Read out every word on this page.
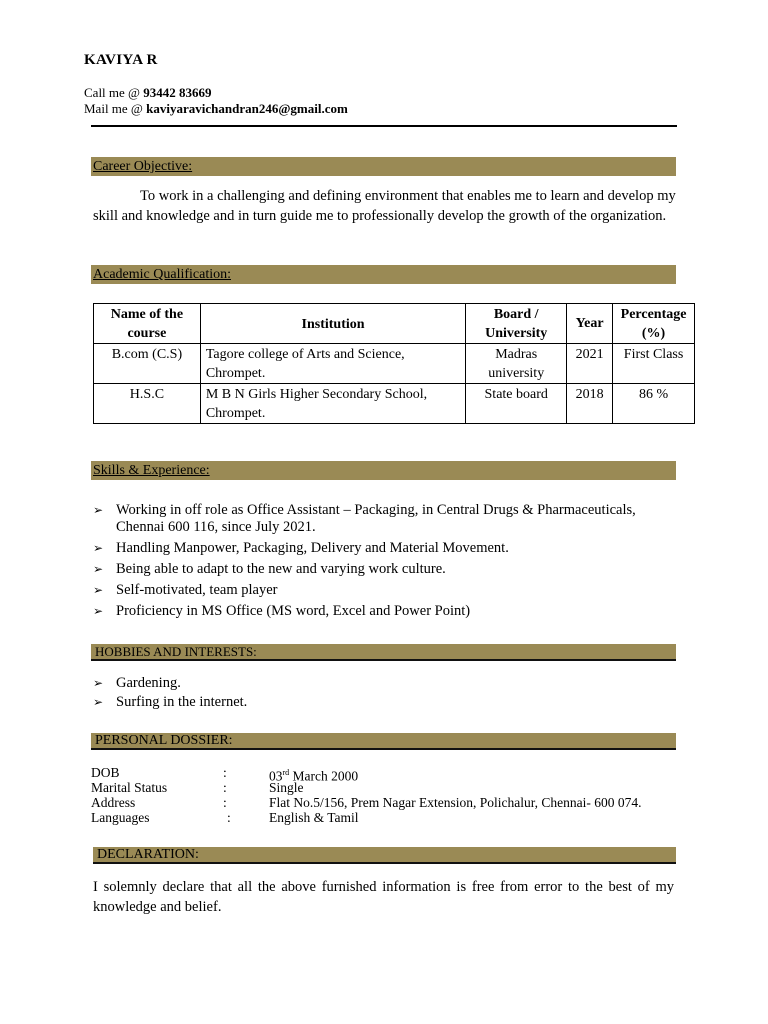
KAVIYA R
Call me @ 93442 83669
Mail me @ kaviyaravichandran246@gmail.com
Career Objective:
To work in a challenging and defining environment that enables me to learn and develop my skill and knowledge and in turn guide me to professionally develop the growth of the organization.
Academic Qualification:
Name of the course	Institution	Board / University	Year	Percentage (%)
B.com (C.S)	Tagore college of Arts and Science, Chrompet.	Madras university	2021	First Class
H.S.C	M B N Girls Higher Secondary School, Chrompet.	State board	2018	86 %
Skills & Experience:
➢ Working in off role as Office Assistant – Packaging, in Central Drugs & Pharmaceuticals, Chennai 600 116, since July 2021.
➢ Handling Manpower, Packaging, Delivery and Material Movement.
➢ Being able to adapt to the new and varying work culture.
➢ Self-motivated, team player
➢ Proficiency in MS Office (MS word, Excel and Power Point)
HOBBIES AND INTERESTS:
➢ Gardening.
➢ Surfing in the internet.
PERSONAL DOSSIER:
DOB	:	03rd March 2000
Marital Status	:	Single
Address	:	Flat No.5/156, Prem Nagar Extension, Polichalur, Chennai- 600 074.
Languages	:	English & Tamil
DECLARATION:
I solemnly declare that all the above furnished information is free from error to the best of my knowledge and belief.
